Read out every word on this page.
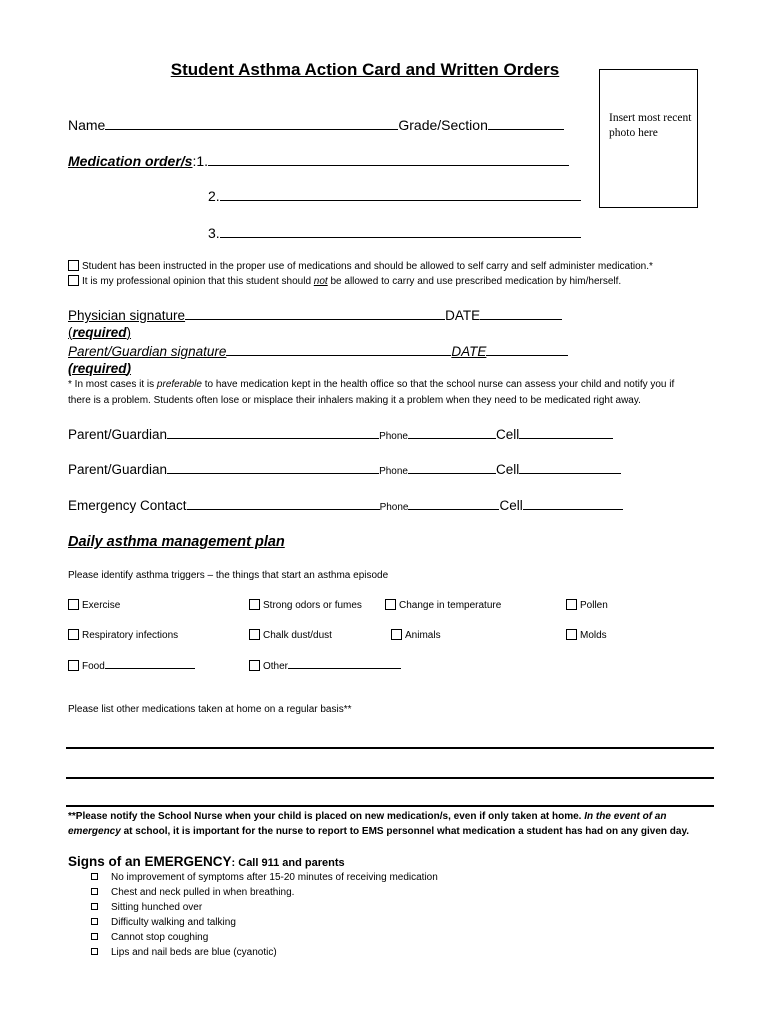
Student Asthma Action Card and Written Orders
Insert most recent photo here
Name	Grade/Section
Medication order/s:1.
2.
3.
Student has been instructed in the proper use of medications and should be allowed to self carry and self administer medication.*
It is my professional opinion that this student should not be allowed to carry and use prescribed medication by him/herself.
Physician signature	DATE
(required)
Parent/Guardian signature	DATE
(required)
* In most cases it is preferable to have medication kept in the health office so that the school nurse can assess your child and notify you if
there is a problem. Students often lose or misplace their inhalers making it a problem when they need to be medicated right away.
Parent/Guardian	Phone	Cell
Parent/Guardian	Phone	Cell
Emergency Contact	Phone	Cell
Daily asthma management plan
Please identify asthma triggers – the things that start an asthma episode
Exercise	Strong odors or fumes	Change in temperature	Pollen
Respiratory infections	Chalk dust/dust	Animals	Molds
Food	Other
Please list other medications taken at home on a regular basis**
**Please notify the School Nurse when your child is placed on new medication/s, even if only taken at home. In the event of an emergency at school, it is important for the nurse to report to EMS personnel what medication a student has had on any given day.
Signs of an EMERGENCY: Call 911 and parents
No improvement of symptoms after 15-20 minutes of receiving medication
Chest and neck pulled in when breathing.
Sitting hunched over
Difficulty walking and talking
Cannot stop coughing
Lips and nail beds are blue (cyanotic)
